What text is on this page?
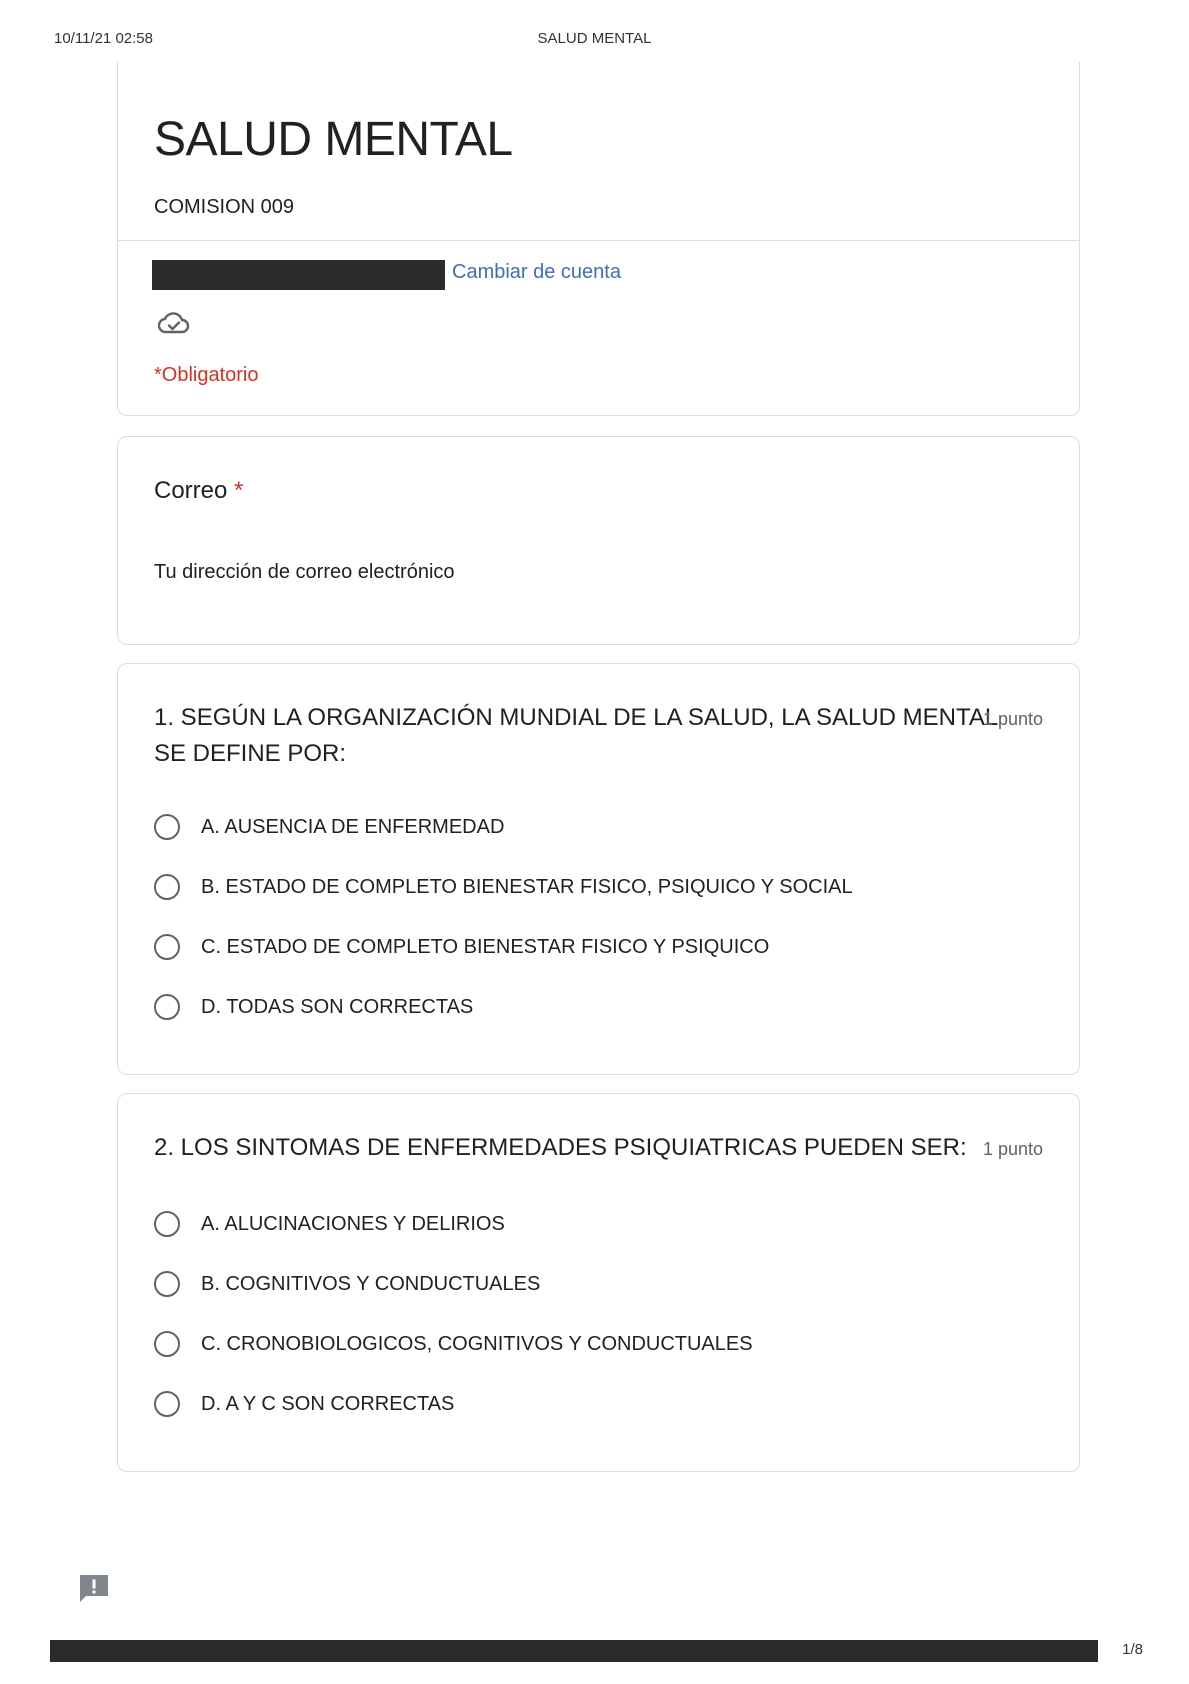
10/11/21 02:58	SALUD MENTAL
SALUD MENTAL
COMISION 009
Cambiar de cuenta
*Obligatorio
Correo *
Tu dirección de correo electrónico
1. SEGÚN LA ORGANIZACIÓN MUNDIAL DE LA SALUD, LA SALUD MENTAL
SE DEFINE POR:
1 punto
A. AUSENCIA DE ENFERMEDAD
B. ESTADO DE COMPLETO BIENESTAR FISICO, PSIQUICO Y SOCIAL
C. ESTADO DE COMPLETO BIENESTAR FISICO Y PSIQUICO
D. TODAS SON CORRECTAS
2. LOS SINTOMAS DE ENFERMEDADES PSIQUIATRICAS PUEDEN SER: 1 punto
A. ALUCINACIONES Y DELIRIOS
B. COGNITIVOS Y CONDUCTUALES
C. CRONOBIOLOGICOS, COGNITIVOS Y CONDUCTUALES
D. A Y C SON CORRECTAS
1/8
